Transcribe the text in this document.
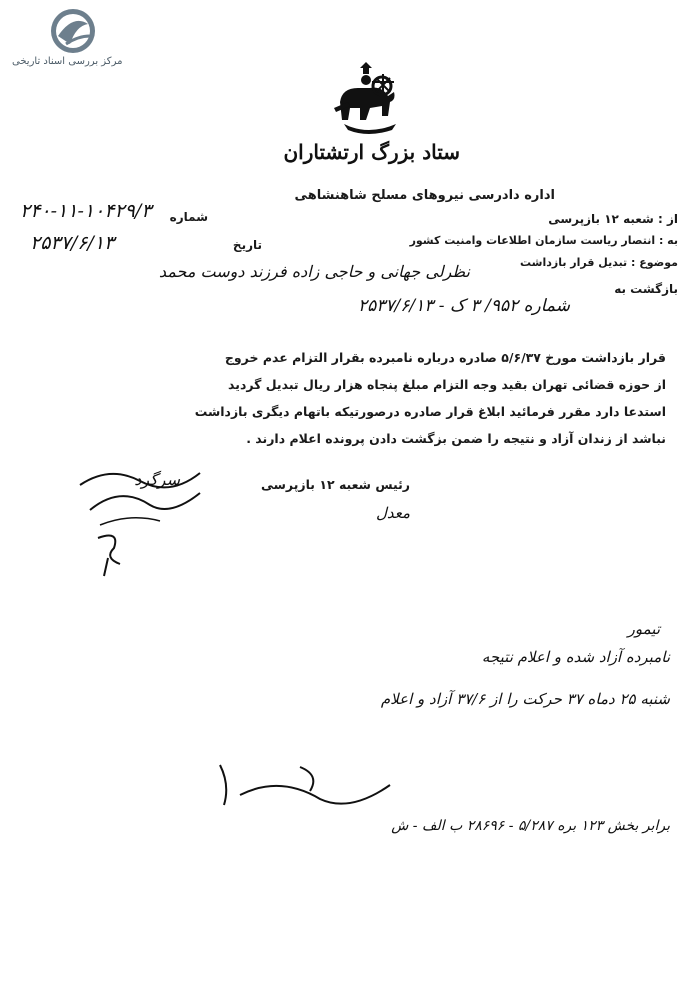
مرکز بررسی اسناد تاریخی
ستاد بزرگ ارتشتاران
اداره دادرسی نیروهای مسلح شاهنشاهی
شماره
۲۴۰-۱۱-۱۰۴۲۹/۳
تاریخ
۲۵۳۷/۶/۱۳
از : شعبه ۱۲ بازپرسی
به : انتصار ریاست سازمان اطلاعات وامنیت کشور
موضوع : تبدیل قرار بازداشت
نظرلی جهانی و حاجی زاده فرزند دوست محمد
بازگشت به
شماره ۹۵۲/ ۳ ک - ۲۵۳۷/۶/۱۳
قرار بازداشت مورخ ۵/۶/۳۷ صادره درباره نامبرده بقرار التزام عدم خروج
از حوزه قضائی تهران بقید وجه التزام مبلغ پنجاه هزار ریال تبدیل گردید
استدعا دارد مقرر فرمائید ابلاغ قرار صادره درصورتیکه باتهام دیگری بازداشت
نباشد از زندان آزاد و نتیجه را ضمن بزگشت دادن پرونده اعلام دارند .
رئیس شعبه ۱۲ بازپرسی
سرگرد
معدل
تیمور
نامبرده آزاد شده و اعلام نتیجه
شنبه ۲۵ دماه ۳۷ حرکت را از ۳۷/۶ آزاد و اعلام
برابر بخش ۱۲۳ بره ۵/۲۸۷ - ۲۸۶۹۶ ب الف - ش
